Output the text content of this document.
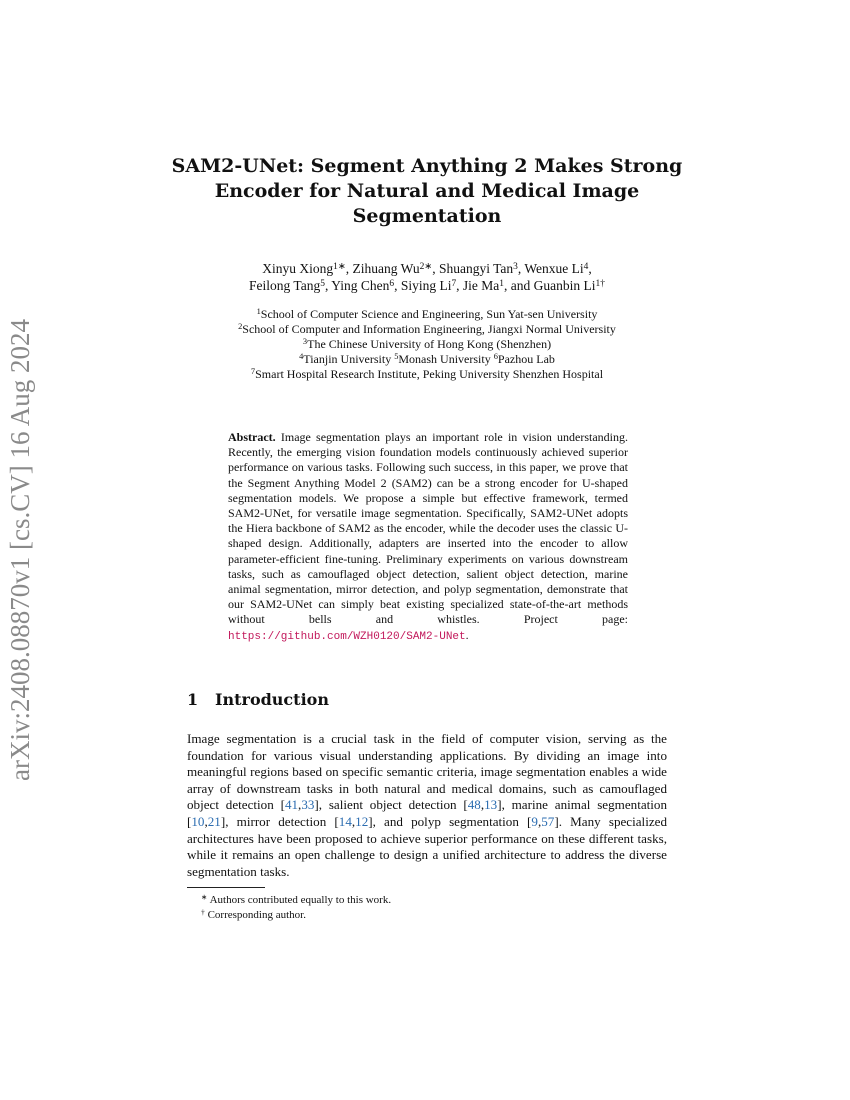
arXiv:2408.08870v1 [cs.CV] 16 Aug 2024
SAM2-UNet: Segment Anything 2 Makes Strong
Encoder for Natural and Medical Image
Segmentation
Xinyu Xiong$^{1∗}$, Zihuang $Wu^{2∗}$, Shuangyi Tan$^3$, Wenxue Li$^4$,
Feilong Tang$^5$, Ying Chen$^6$, Siying Li$^7$, Jie Ma$^1$, and Guanbin $Li^{1\dagger}$
$^1$School of Computer Science and Engineering, Sun Yat-sen University
$^2$School of Computer and Information Engineering, Jiangxi Normal University
$^3$The Chinese University of Hong Kong (Shenzhen)
$^4$Tianjin University $^5$Monash University $^6$Pazhou Lab
$^7$Smart Hospital Research Institute, Peking University Shenzhen Hospital
Abstract. Image segmentation plays an important role in vision understanding. Recently, the emerging vision foundation models continuously achieved superior performance on various tasks. Following such success, in this paper, we prove that the Segment Anything Model 2 (SAM2) can be a strong encoder for U-shaped segmentation models. We propose a simple but effective framework, termed SAM2-UNet, for versatile image segmentation. Specifically, SAM2-UNet adopts the Hiera backbone of SAM2 as the encoder, while the decoder uses the classic U-shaped design. Additionally, adapters are inserted into the encoder to allow parameter-efficient fine-tuning. Preliminary experiments on various downstream tasks, such as camouflaged object detection, salient object detection, marine animal segmentation, mirror detection, and polyp segmentation, demonstrate that our SAM2-UNet can simply beat existing specialized state-of-the-art methods without bells and whistles. Project page: https://github.com/WZH0120/SAM2-UNet.
1 Introduction
Image segmentation is a crucial task in the field of computer vision, serving as the foundation for various visual understanding applications. By dividing an image into meaningful regions based on specific semantic criteria, image segmentation enables a wide array of downstream tasks in both natural and medical domains, such as camouflaged object detection [41,33], salient object detection [48,13], marine animal segmentation [10,21], mirror detection [14,12], and polyp segmentation [9,57]. Many specialized architectures have been proposed to achieve superior performance on these different tasks, while it remains an open challenge to design a unified architecture to address the diverse segmentation tasks.
∗ Authors contributed equally to this work.
† Corresponding author.
